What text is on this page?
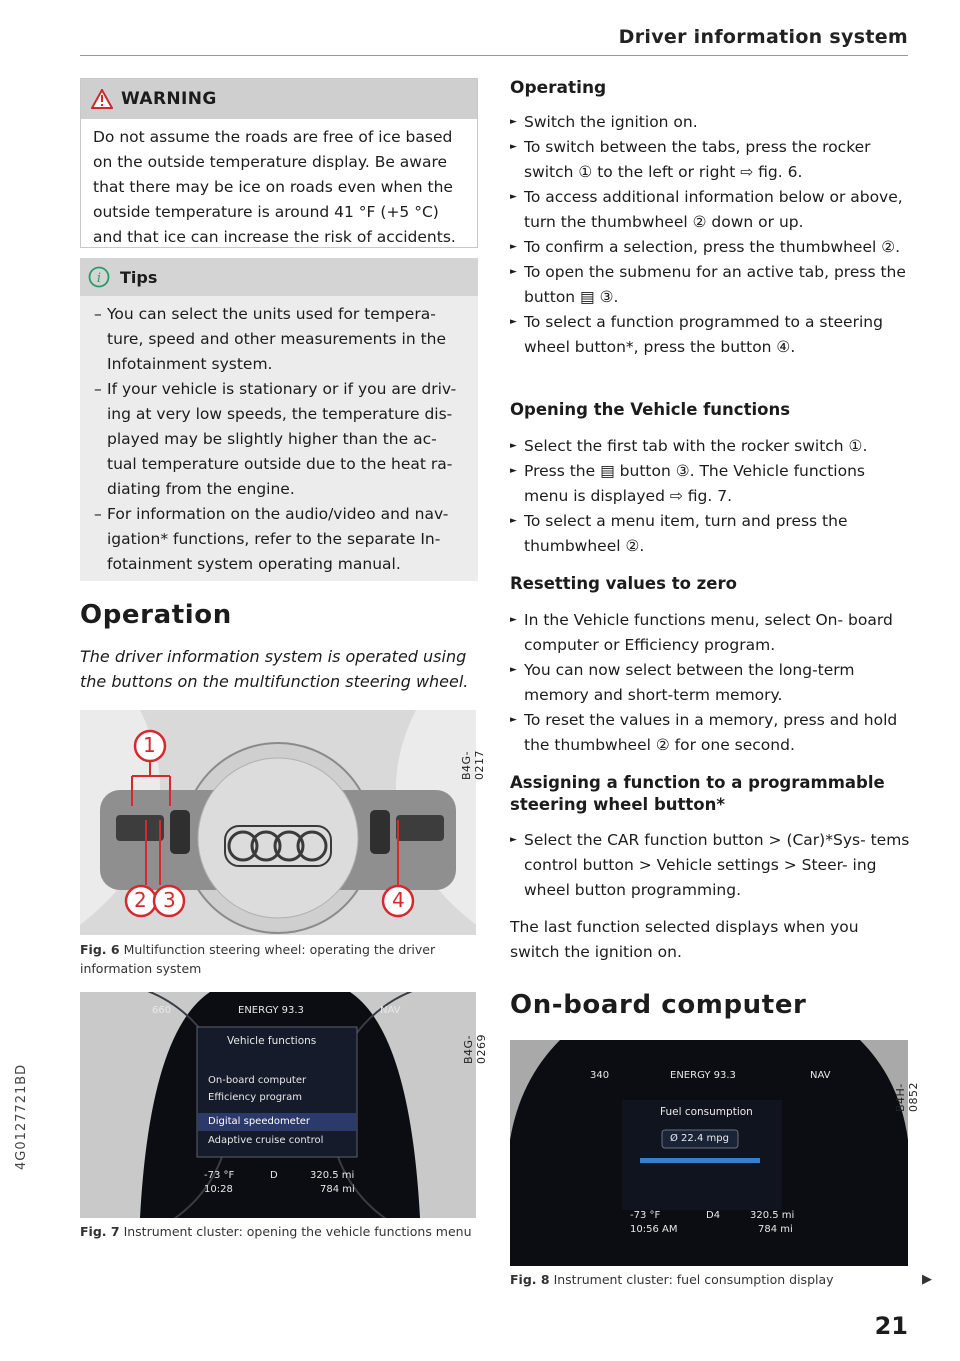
Driver information system
4G0127721BD
WARNING

Do not assume the roads are free of ice based

on the outside temperature display. Be aware

that there may be ice on roads even when the

outside temperature is around 41 °F (+5 °C)

and that ice can increase the risk of accidents.

i Tips
– You can select the units used for tempera- ture, speed and other measurements in the Infotainment system.
– If your vehicle is stationary or if you are driv- ing at very low speeds, the temperature dis- played may be slightly higher than the ac- tual temperature outside due to the heat ra- diating from the engine.
– For information on the audio/video and nav- igation* functions, refer to the separate In- fotainment system operating manual.
Operation
The driver information system is operated using the buttons on the multifunction steering wheel.
1
2 3	4
B4G-0217
Fig. 6 Multifunction steering wheel: operating the driver information system
660	ENERGY 93.3	NAV
Vehicle functions
On-board computer
Efficiency program
Digital speedometer
Adaptive cruise control
-73 °F
10:28
D	320.5 mi
784 mi
B4G-0269
Fig. 7 Instrument cluster: opening the vehicle functions menu

Operating

► Switch the ignition on.
► To switch between the tabs, press the rocker switch ① to the left or right ⇨ fig. 6.
► To access additional information below or above, turn the thumbwheel ② down or up.
► To confirm a selection, press the thumbwheel ②.
► To open the submenu for an active tab, press the button ▤ ③.
► To select a function programmed to a steering wheel button*, press the button ④.

Opening the Vehicle functions

► Select the first tab with the rocker switch ①.
► Press the ▤ button ③. The Vehicle functions menu is displayed ⇨ fig. 7.
► To select a menu item, turn and press the thumbwheel ②.

Resetting values to zero

► In the Vehicle functions menu, select On- board computer or Efficiency program.
► You can now select between the long-term memory and short-term memory.
► To reset the values in a memory, press and hold the thumbwheel ② for one second.

Assigning a function to a programmable steering wheel button*

► Select the CAR function button > (Car)*Sys- tems control button > Vehicle settings > Steer- ing wheel button programming.
The last function selected displays when you switch the ignition on.
On-board computer
340	ENERGY 93.3	NAV
Fuel consumption
Ø 22.4 mpg
-73 °F
10:56 AM
D4	320.5 mi
784 mi
B4H-0852
Fig. 8 Instrument cluster: fuel consumption display	▶
21
